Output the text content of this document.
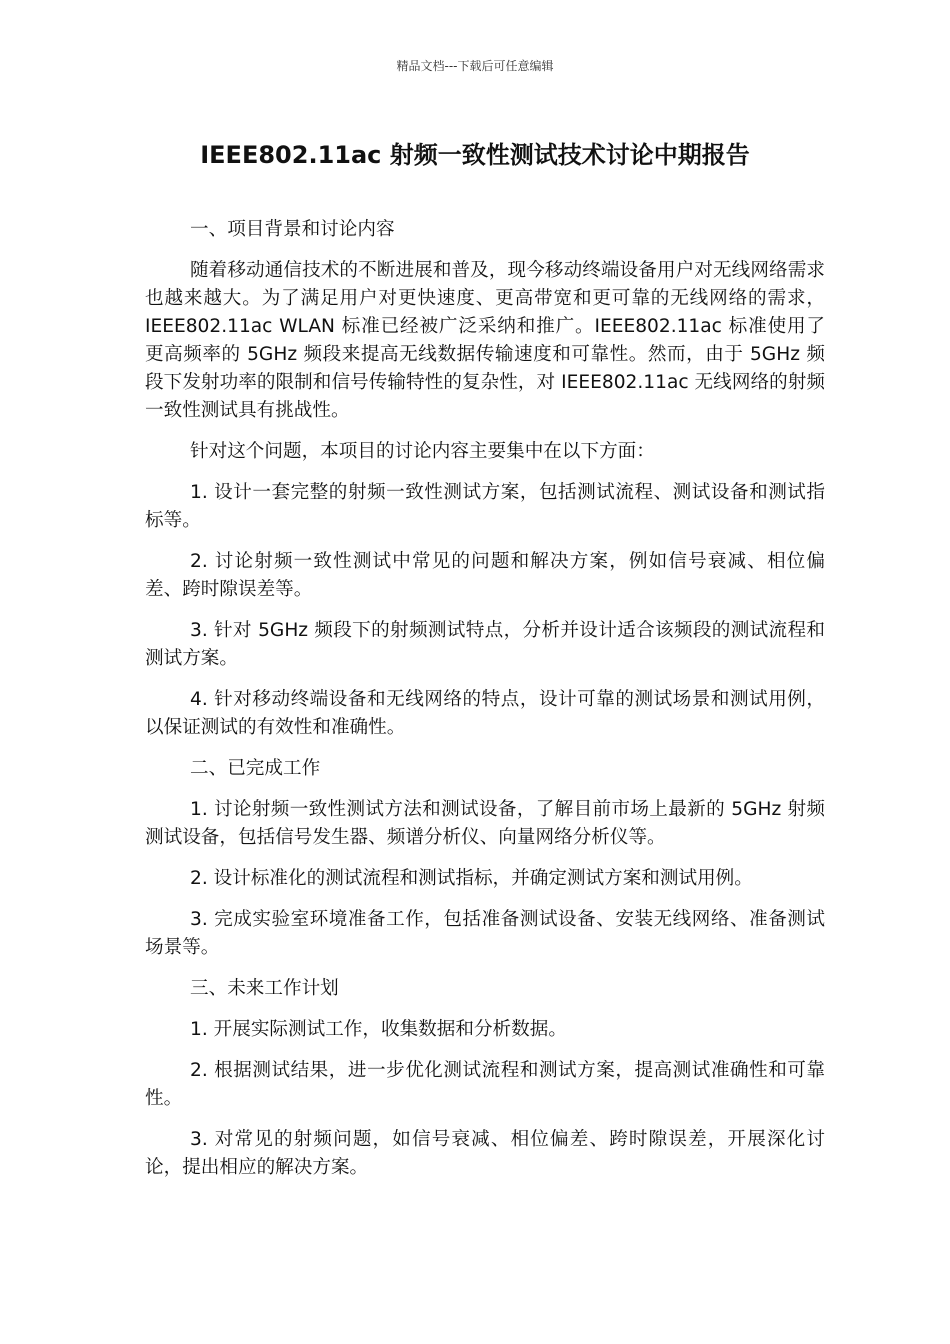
精品文档---下载后可任意编辑
IEEE802.11ac 射频一致性测试技术讨论中期报告

一、项目背景和讨论内容

随着移动通信技术的不断进展和普及，现今移动终端设备用户对无线网络需求也越来越大。为了满足用户对更快速度、更高带宽和更可靠的无线网络的需求，IEEE802.11ac WLAN 标准已经被广泛采纳和推广。IEEE802.11ac 标准使用了更高频率的 5GHz 频段来提高无线数据传输速度和可靠性。然而，由于 5GHz 频段下发射功率的限制和信号传输特性的复杂性，对 IEEE802.11ac 无线网络的射频一致性测试具有挑战性。

针对这个问题，本项目的讨论内容主要集中在以下方面：

1. 设计一套完整的射频一致性测试方案，包括测试流程、测试设备和测试指标等。

2. 讨论射频一致性测试中常见的问题和解决方案，例如信号衰减、相位偏差、跨时隙误差等。

3. 针对 5GHz 频段下的射频测试特点，分析并设计适合该频段的测试流程和测试方案。

4. 针对移动终端设备和无线网络的特点，设计可靠的测试场景和测试用例，以保证测试的有效性和准确性。

二、已完成工作

1. 讨论射频一致性测试方法和测试设备，了解目前市场上最新的 5GHz 射频测试设备，包括信号发生器、频谱分析仪、向量网络分析仪等。

2. 设计标准化的测试流程和测试指标，并确定测试方案和测试用例。

3. 完成实验室环境准备工作，包括准备测试设备、安装无线网络、准备测试场景等。

三、未来工作计划

1. 开展实际测试工作，收集数据和分析数据。

2. 根据测试结果，进一步优化测试流程和测试方案，提高测试准确性和可靠性。

3. 对常见的射频问题，如信号衰减、相位偏差、跨时隙误差，开展深化讨论，提出相应的解决方案。
